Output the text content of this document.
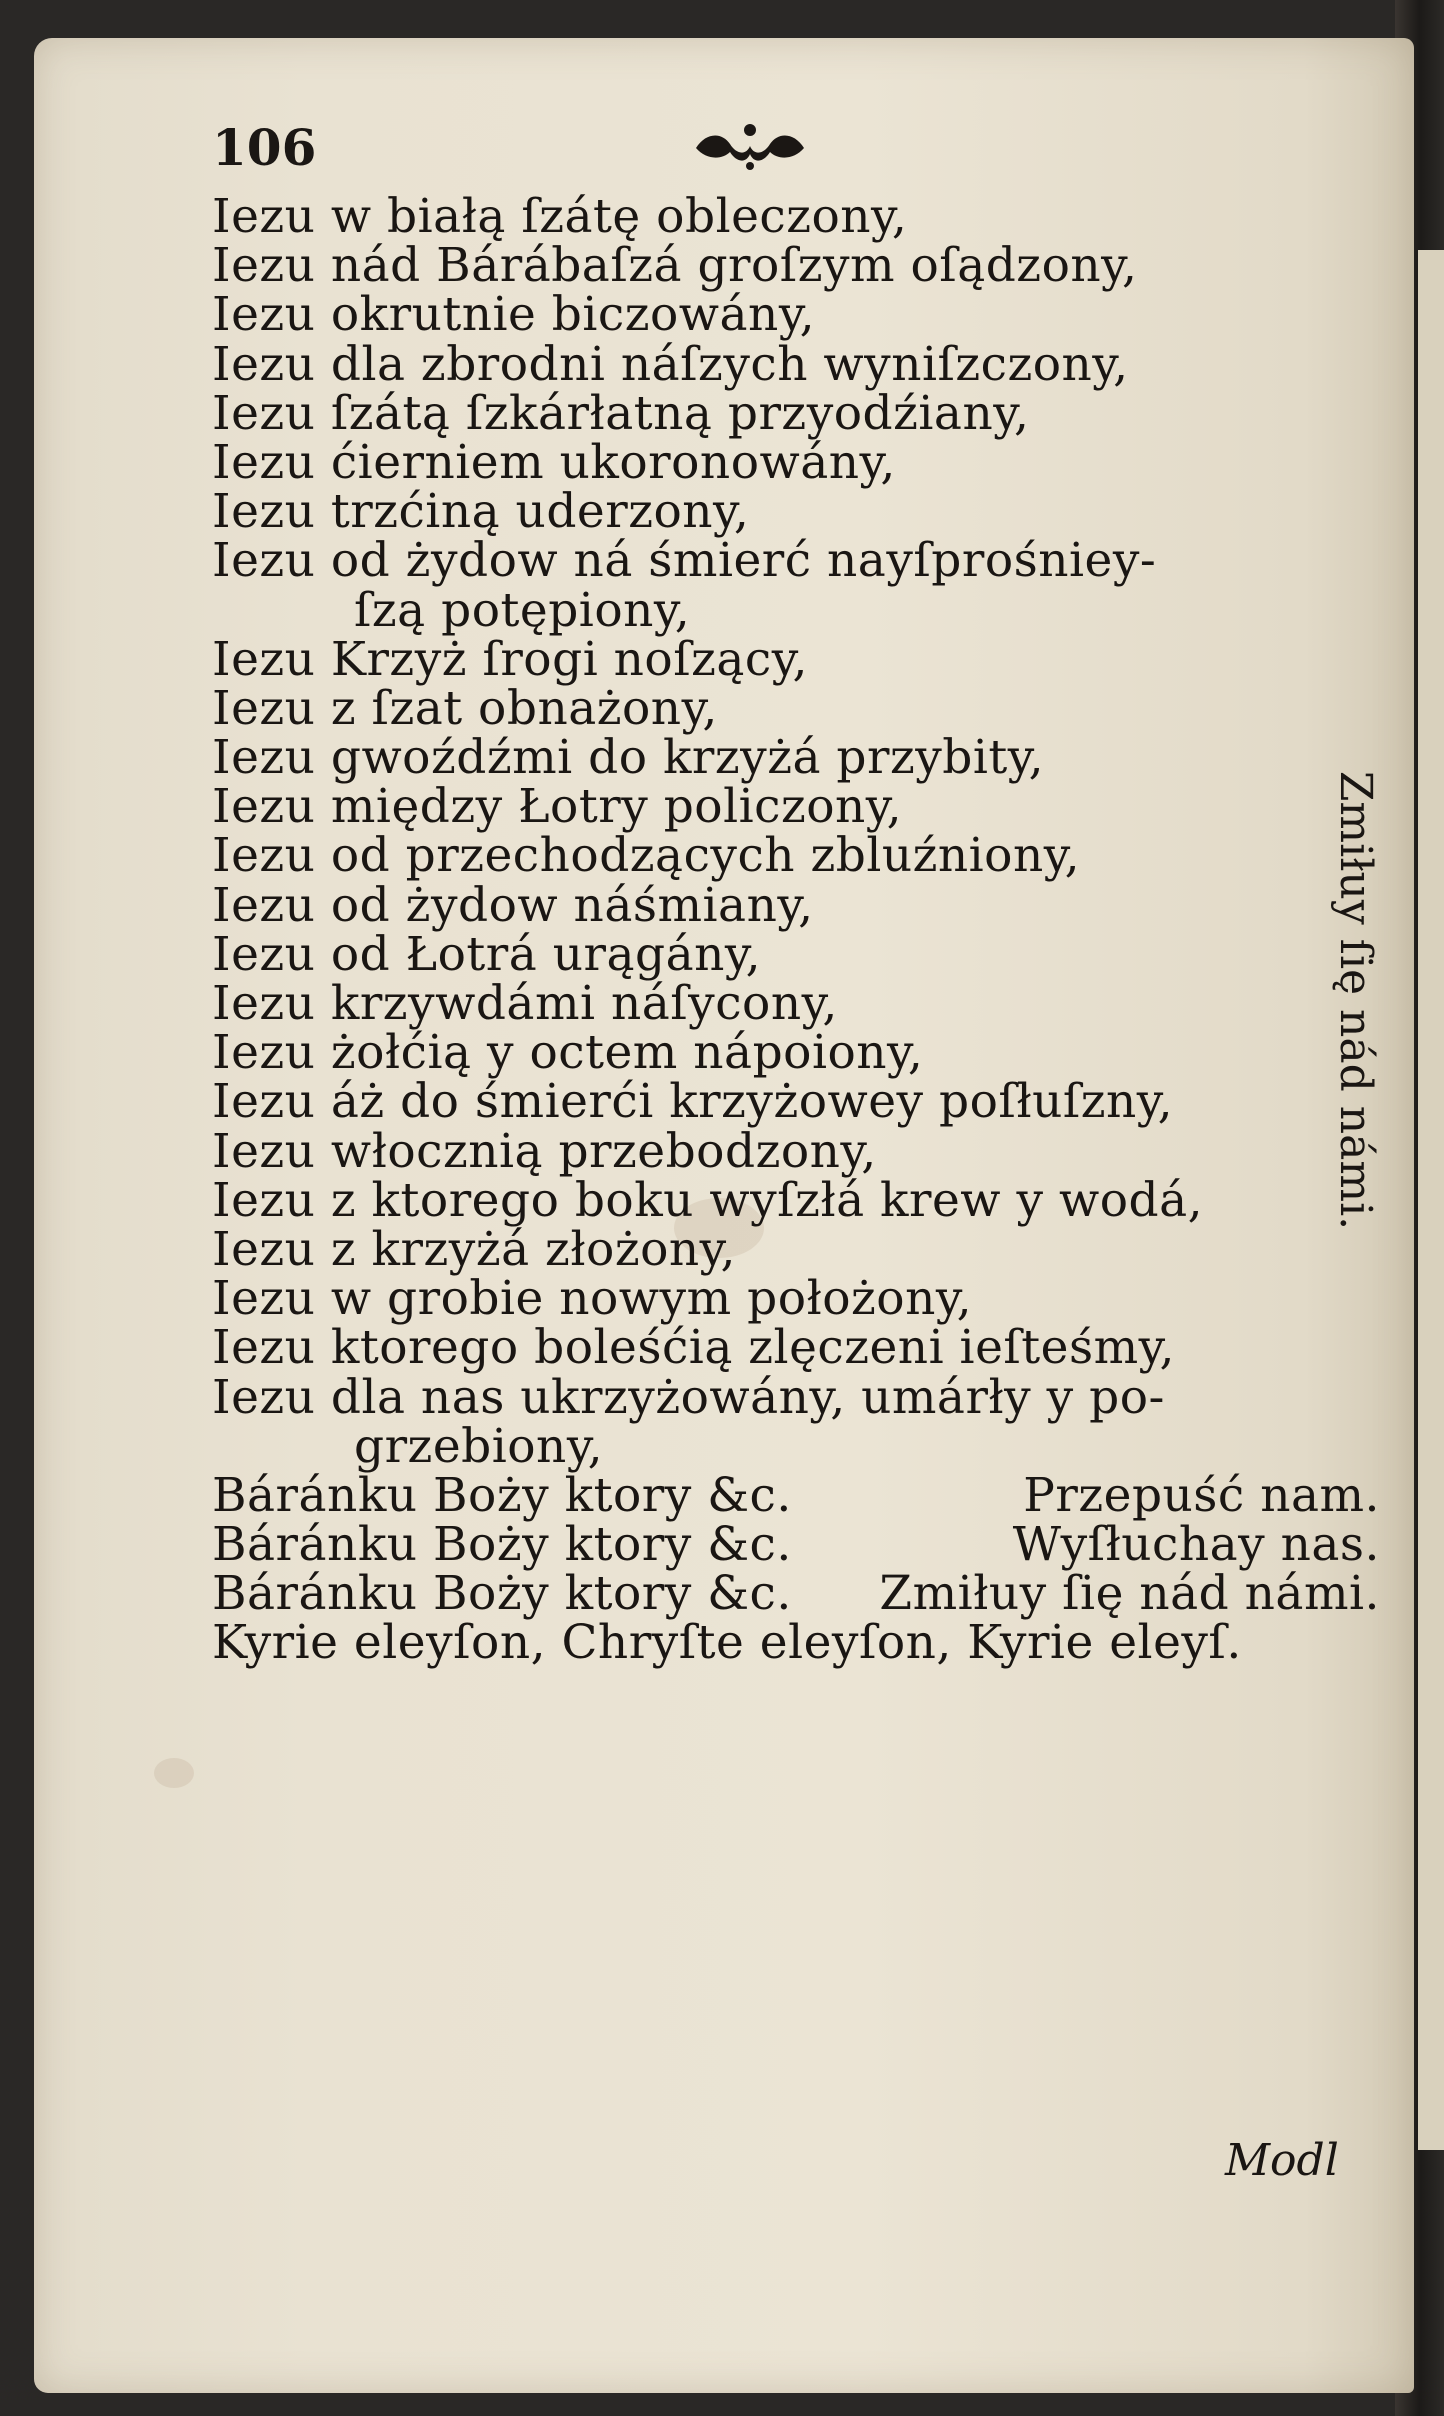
106
Iezu w białą ſzátę obleczony,
Iezu nád Bárábaſzá groſzym oſądzony,
Iezu okrutnie biczowány,
Iezu dla zbrodni náſzych wyniſzczony,
Iezu ſzátą ſzkárłatną przyodźiany,
Iezu ćierniem ukoronowány,
Iezu trzćiną uderzony,
Iezu od żydow ná śmierć nayſprośniey-
ſzą potępiony,
Iezu Krzyż ſrogi noſzący,
Iezu z ſzat obnażony,
Iezu gwoźdźmi do krzyżá przybity,
Iezu między Łotry policzony,
Iezu od przechodzących zbluźniony,
Iezu od żydow náśmiany,
Iezu od Łotrá urągány,
Iezu krzywdámi náſycony,
Iezu żołćią y octem nápoiony,
Iezu áż do śmierći krzyżowey poſłuſzny,
Iezu włocznią przebodzony,
Iezu z ktorego boku wyſzłá krew y wodá,
Iezu z krzyżá złożony,
Iezu w grobie nowym położony,
Iezu ktorego boleśćią zlęczeni ieſteśmy,
Iezu dla nas ukrzyżowány, umárły y po-
grzebiony,
Báránku Boży ktory &c.	Przepuść nam.
Báránku Boży ktory &c.	Wyſłuchay nas.
Báránku Boży ktory &c. Zmiłuy ſię nád námi.
Kyrie eleyſon, Chryſte eleyſon, Kyrie eleyſ.
Modl
Zmiłuy ſię nád námi.
